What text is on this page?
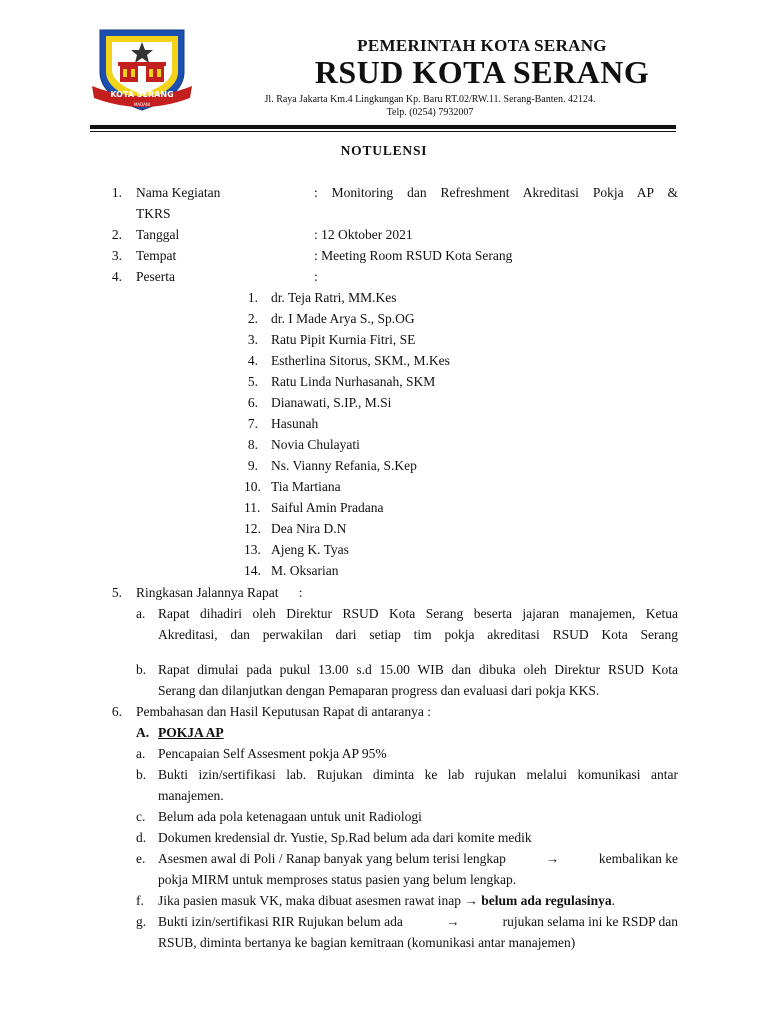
KOTA SERANG
MADANI
PEMERINTAH KOTA SERANG
RSUD KOTA SERANG
Jl. Raya Jakarta Km.4 Lingkungan Kp. Baru RT.02/RW.11. Serang-Banten. 42124.
Telp. (0254) 7932007
NOTULENSI
1. Nama Kegiatan	: Monitoring dan Refreshment Akreditasi Pokja AP &
TKRS
2. Tanggal	: 12 Oktober 2021
3. Tempat	: Meeting Room RSUD Kota Serang
4. Peserta	:
1. dr. Teja Ratri, MM.Kes
2. dr. I Made Arya S., Sp.OG
3. Ratu Pipit Kurnia Fitri, SE
4. Estherlina Sitorus, SKM., M.Kes
5. Ratu Linda Nurhasanah, SKM
6. Dianawati, S.IP., M.Si
7. Hasunah
8. Novia Chulayati
9. Ns. Vianny Refania, S.Kep
10. Tia Martiana
11. Saiful Amin Pradana
12. Dea Nira D.N
13. Ajeng K. Tyas
14. M. Oksarian
5. Ringkasan Jalannya Rapat      :
a. Rapat dihadiri oleh Direktur RSUD Kota Serang beserta jajaran manajemen, Ketua
Akreditasi, dan perwakilan dari setiap tim pokja akreditasi RSUD Kota Serang
b. Rapat dimulai pada pukul 13.00 s.d 15.00 WIB dan dibuka oleh Direktur RSUD Kota
Serang dan dilanjutkan dengan Pemaparan progress dan evaluasi dari pokja KKS.
6. Pembahasan dan Hasil Keputusan Rapat di antaranya :
A. POKJA AP
a. Pencapaian Self Assesment pokja AP 95%
b. Bukti izin/sertifikasi lab. Rujukan diminta ke lab rujukan melalui komunikasi antar
manajemen.
c. Belum ada pola ketenagaan untuk unit Radiologi
d. Dokumen kredensial dr. Yustie, Sp.Rad belum ada dari komite medik
e. Asesmen awal di Poli / Ranap banyak yang belum terisi lengkap	→	kembalikan ke
pokja MIRM untuk memproses status pasien yang belum lengkap.
f. Jika pasien masuk VK, maka dibuat asesmen rawat inap → belum ada regulasinya.
g. Bukti izin/sertifikasi RIR Rujukan belum ada	→	rujukan selama ini ke RSDP dan
RSUB, diminta bertanya ke bagian kemitraan (komunikasi antar manajemen)
